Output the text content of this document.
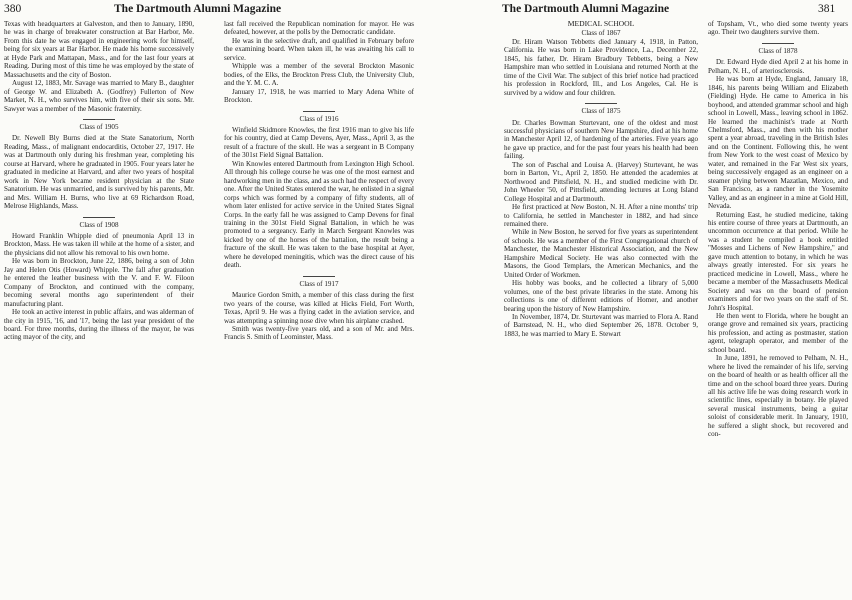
380	The Dartmouth Alumni Magazine

Texas with headquarters at Galveston, and then to January, 1890, he was in charge of breakwater construction at Bar Harbor, Me. From this date he was engaged in engineering work for himself, being for six years at Bar Harbor. He made his home successively at Hyde Park and Mattapan, Mass., and for the last four years at Reading. During most of this time he was employed by the state of Massachusetts and the city of Boston.

August 12, 1883, Mr. Savage was married to Mary B., daughter of George W. and Elizabeth A. (Godfrey) Fullerton of New Market, N. H., who survives him, with five of their six sons. Mr. Sawyer was a member of the Masonic fraternity.

Class of 1905

Dr. Newell Bly Burns died at the State Sanatorium, North Reading, Mass., of malignant endocarditis, October 27, 1917. He was at Dartmouth only during his freshman year, completing his course at Harvard, where he graduated in 1905. Four years later he graduated in medicine at Harvard, and after two years of hospital work in New York became resident physician at the State Sanatorium. He was unmarried, and is survived by his parents, Mr. and Mrs. William H. Burns, who live at 69 Richardson Road, Melrose Highlands, Mass.

Class of 1908

Howard Franklin Whipple died of pneumonia April 13 in Brockton, Mass. He was taken ill while at the home of a sister, and the physicians did not allow his removal to his own home.

He was born in Brockton, June 22, 1886, being a son of John Jay and Helen Otis (Howard) Whipple. The fall after graduation he entered the leather business with the V. and F. W. Filoon Company of Brockton, and continued with the company, becoming several months ago superintendent of their manufacturing plant.

He took an active interest in public affairs, and was alderman of the city in 1915, '16, and '17, being the last year president of the board. For three months, during the illness of the mayor, he was acting mayor of the city, and

last fall received the Republican nomination for mayor. He was defeated, however, at the polls by the Democratic candidate.

He was in the selective draft, and qualified in February before the examining board. When taken ill, he was awaiting his call to service.

Whipple was a member of the several Brockton Masonic bodies, of the Elks, the Brockton Press Club, the University Club, and the Y. M. C. A.

January 17, 1918, he was married to Mary Adena White of Brockton.

Class of 1916

Winfield Skidmore Knowles, the first 1916 man to give his life for his country, died at Camp Devens, Ayer, Mass., April 3, as the result of a fracture of the skull. He was a sergeant in B Company of the 301st Field Signal Battalion.

Win Knowles entered Dartmouth from Lexington High School. All through his college course he was one of the most earnest and hardworking men in the class, and as such had the respect of every one. After the United States entered the war, he enlisted in a signal corps which was formed by a company of fifty students, all of whom later enlisted for active service in the United States Signal Corps. In the early fall he was assigned to Camp Devens for final training in the 301st Field Signal Battalion, in which he was promoted to a sergeancy. Early in March Sergeant Knowles was kicked by one of the horses of the battalion, the result being a fracture of the skull. He was taken to the base hospital at Ayer, where he developed meningitis, which was the direct cause of his death.

Class of 1917

Maurice Gordon Smith, a member of this class during the first two years of the course, was killed at Hicks Field, Fort Worth, Texas, April 9. He was a flying cadet in the aviation service, and was attempting a spinning nose dive when his airplane crashed.

Smith was twenty-five years old, and a son of Mr. and Mrs. Francis S. Smith of Leominster, Mass.

The Dartmouth Alumni Magazine	381
MEDICAL SCHOOL
Class of 1867

Dr. Hiram Watson Tebbetts died January 4, 1918, in Patton, California. He was born in Lake Providence, La., December 22, 1845, his father, Dr. Hiram Bradbury Tebbetts, being a New Hampshire man who settled in Louisiana and returned North at the time of the Civil War. The subject of this brief notice had practiced his profession in Rockford, Ill., and Los Angeles, Cal. He is survived by a widow and four children.

Class of 1875

Dr. Charles Bowman Sturtevant, one of the oldest and most successful physicians of southern New Hampshire, died at his home in Manchester April 12, of hardening of the arteries. Five years ago he gave up practice, and for the past four years his health had been failing.

The son of Paschal and Louisa A. (Harvey) Sturtevant, he was born in Barton, Vt., April 2, 1850. He attended the academies at Northwood and Pittsfield, N. H., and studied medicine with Dr. John Wheeler '50, of Pittsfield, attending lectures at Long Island College Hospital and at Dartmouth.

He first practiced at New Boston, N. H. After a nine months' trip to California, he settled in Manchester in 1882, and had since remained there.

While in New Boston, he served for five years as superintendent of schools. He was a member of the First Congregational church of Manchester, the Manchester Historical Association, and the New Hampshire Medical Society. He was also connected with the Masons, the Good Templars, the American Mechanics, and the United Order of Workmen.

His hobby was books, and he collected a library of 5,000 volumes, one of the best private libraries in the state. Among his collections is one of different editions of Homer, and another bearing upon the history of New Hampshire.

In November, 1874, Dr. Sturtevant was married to Flora A. Rand of Barnstead, N. H., who died September 26, 1878. October 9, 1883, he was married to Mary E. Stewart

of Topsham, Vt., who died some twenty years ago. Their two daughters survive them.

Class of 1878

Dr. Edward Hyde died April 2 at his home in Pelham, N. H., of arteriosclerosis.

He was born at Hyde, England, January 18, 1846, his parents being William and Elizabeth (Fielding) Hyde. He came to America in his boyhood, and attended grammar school and high school in Lowell, Mass., leaving school in 1862. He learned the machinist's trade at North Chelmsford, Mass., and then with his mother spent a year abroad, traveling in the British Isles and on the Continent. Following this, he went from New York to the west coast of Mexico by water, and remained in the Far West six years, being successively engaged as an engineer on a steamer plying between Mazatlan, Mexico, and San Francisco, as a rancher in the Yosemite Valley, and as an engineer in a mine at Gold Hill, Nevada.

Returning East, he studied medicine, taking his entire course of three years at Dartmouth, an uncommon occurrence at that period. While he was a student he compiled a book entitled "Mosses and Lichens of New Hampshire," and gave much attention to botany, in which he was always greatly interested. For six years he practiced medicine in Lowell, Mass., where he became a member of the Massachusetts Medical Society and was on the board of pension examiners and for two years on the staff of St. John's Hospital.

He then went to Florida, where he bought an orange grove and remained six years, practicing his profession, and acting as postmaster, station agent, telegraph operator, and member of the school board.

In June, 1891, he removed to Pelham, N. H., where he lived the remainder of his life, serving on the board of health or as health officer all the time and on the school board three years. During all his active life he was doing research work in scientific lines, especially in botany. He played several musical instruments, being a guitar soloist of considerable merit. In January, 1910, he suffered a slight shock, but recovered and con-
